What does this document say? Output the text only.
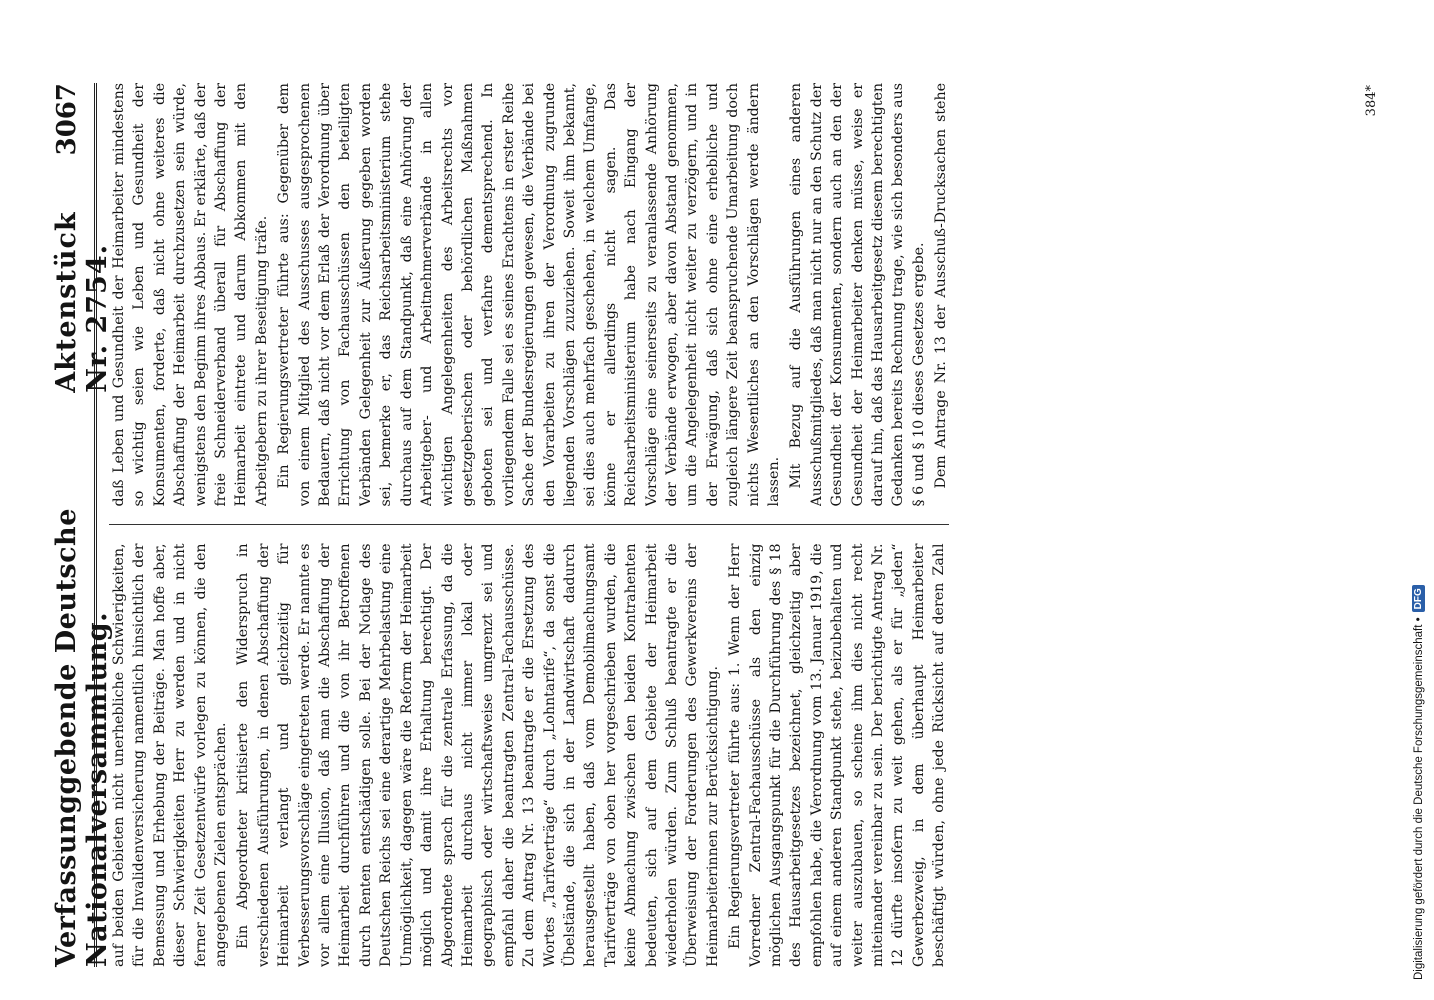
Verfassunggebende Deutsche Nationalversammlung.
Aktenstück Nr. 2754.
3067

auf beiden Gebieten nicht unerhebliche Schwierigkeiten, für die Invalidenversicherung namentlich hinsichtlich der Bemessung und Erhebung der Beiträge. Man hoffe aber, dieser Schwierigkeiten Herr zu werden und in nicht ferner Zeit Gesetzentwürfe vorlegen zu können, die den angegebenen Zielen entsprächen. Ein Abgeordneter kritisierte den Widerspruch in verschiedenen Ausführungen, in denen Abschaffung der Heimarbeit verlangt und gleichzeitig für Verbesserungsvorschläge eingetreten werde. Er nannte es vor allem eine Illusion, daß man die Abschaffung der Heimarbeit durchführen und die von ihr Betroffenen durch Renten entschädigen solle. Bei der Notlage des Deutschen Reichs sei eine derartige Mehrbelastung eine Unmöglichkeit, dagegen wäre die Reform der Heimarbeit möglich und damit ihre Erhaltung berechtigt. Der Abgeordnete sprach für die zentrale Erfassung, da die Heimarbeit durchaus nicht immer lokal oder geographisch oder wirtschaftsweise umgrenzt sei und empfahl daher die beantragten Zentral-Fachausschüsse. Zu dem Antrag Nr. 13 beantragte er die Ersetzung des Wortes „Tarifverträge“ durch „Lohntarife“, da sonst die Übelstände, die sich in der Landwirtschaft dadurch herausgestellt haben, daß vom Demobilmachungsamt Tarifverträge von oben her vorgeschrieben wurden, die keine Abmachung zwischen den beiden Kontrahenten bedeuten, sich auf dem Gebiete der Heimarbeit wiederholen würden. Zum Schluß beantragte er die Überweisung der Forderungen des Gewerkvereins der Heimarbeiterinnen zur Berücksichtigung. Ein Regierungsvertreter führte aus: 1. Wenn der Herr Vorredner Zentral-Fachausschüsse als den einzig möglichen Ausgangspunkt für die Durchführung des § 18 des Hausarbeitgesetzes bezeichnet, gleichzeitig aber empfohlen habe, die Verordnung vom 13. Januar 1919, die auf einem anderen Standpunkt stehe, beizubehalten und weiter auszubauen, so scheine ihm dies nicht recht miteinander vereinbar zu sein. Der berichtigte Antrag Nr. 12 dürfte insofern zu weit gehen, als er für „jeden“ Gewerbezweig, in dem überhaupt Heimarbeiter beschäftigt würden, ohne jede Rücksicht auf deren Zahl

daß Leben und Gesundheit der Heimarbeiter mindestens so wichtig seien wie Leben und Gesundheit der Konsumenten, forderte, daß nicht ohne weiteres die Abschaffung der Heimarbeit durchzusetzen sein würde, wenigstens den Beginm ihres Abbaus. Er erklärte, daß der freie Schneiderverband überall für Abschaffung der Heimarbeit eintrete und darum Abkommen mit den Arbeitgebern zu ihrer Beseitigung träfe. Ein Regierungsvertreter führte aus: Gegenüber dem von einem Mitglied des Ausschusses ausgesprochenen Bedauern, daß nicht vor dem Erlaß der Verordnung über Errichtung von Fachausschüssen den beteiligten Verbänden Gelegenheit zur Äußerung gegeben worden sei, bemerke er, das Reichsarbeitsministerium stehe durchaus auf dem Standpunkt, daß eine Anhörung der Arbeitgeber- und Arbeitnehmerverbände in allen wichtigen Angelegenheiten des Arbeitsrechts vor gesetzgeberischen oder behördlichen Maßnahmen geboten sei und verfahre dementsprechend. In vorliegendem Falle sei es seines Erachtens in erster Reihe Sache der Bundesregierungen gewesen, die Verbände bei den Vorarbeiten zu ihren der Verordnung zugrunde liegenden Vorschlägen zuzuziehen. Soweit ihm bekannt, sei dies auch mehrfach geschehen, in welchem Umfange, könne er allerdings nicht sagen. Das Reichsarbeitsministerium habe nach Eingang der Vorschläge eine seinerseits zu veranlassende Anhörung der Verbände erwogen, aber davon Abstand genommen, um die Angelegenheit nicht weiter zu verzögern, und in der Erwägung, daß sich ohne eine erhebliche und zugleich längere Zeit beanspruchende Umarbeitung doch nichts Wesentliches an den Vorschlägen werde ändern lassen. Mit Bezug auf die Ausführungen eines anderen Ausschußmitgliedes, daß man nicht nur an den Schutz der Gesundheit der Konsumenten, sondern auch an den der Gesundheit der Heimarbeiter denken müsse, weise er darauf hin, daß das Hausarbeitgesetz diesem berechtigten Gedanken bereits Rechnung trage, wie sich besonders aus § 6 und § 10 dieses Gesetzes ergebe. Dem Antrage Nr. 13 der Ausschuß-Drucksachen stehe	384*
Digitalisierung gefördert durch die Deutsche Forschungsgemeinschaft •
DFG
